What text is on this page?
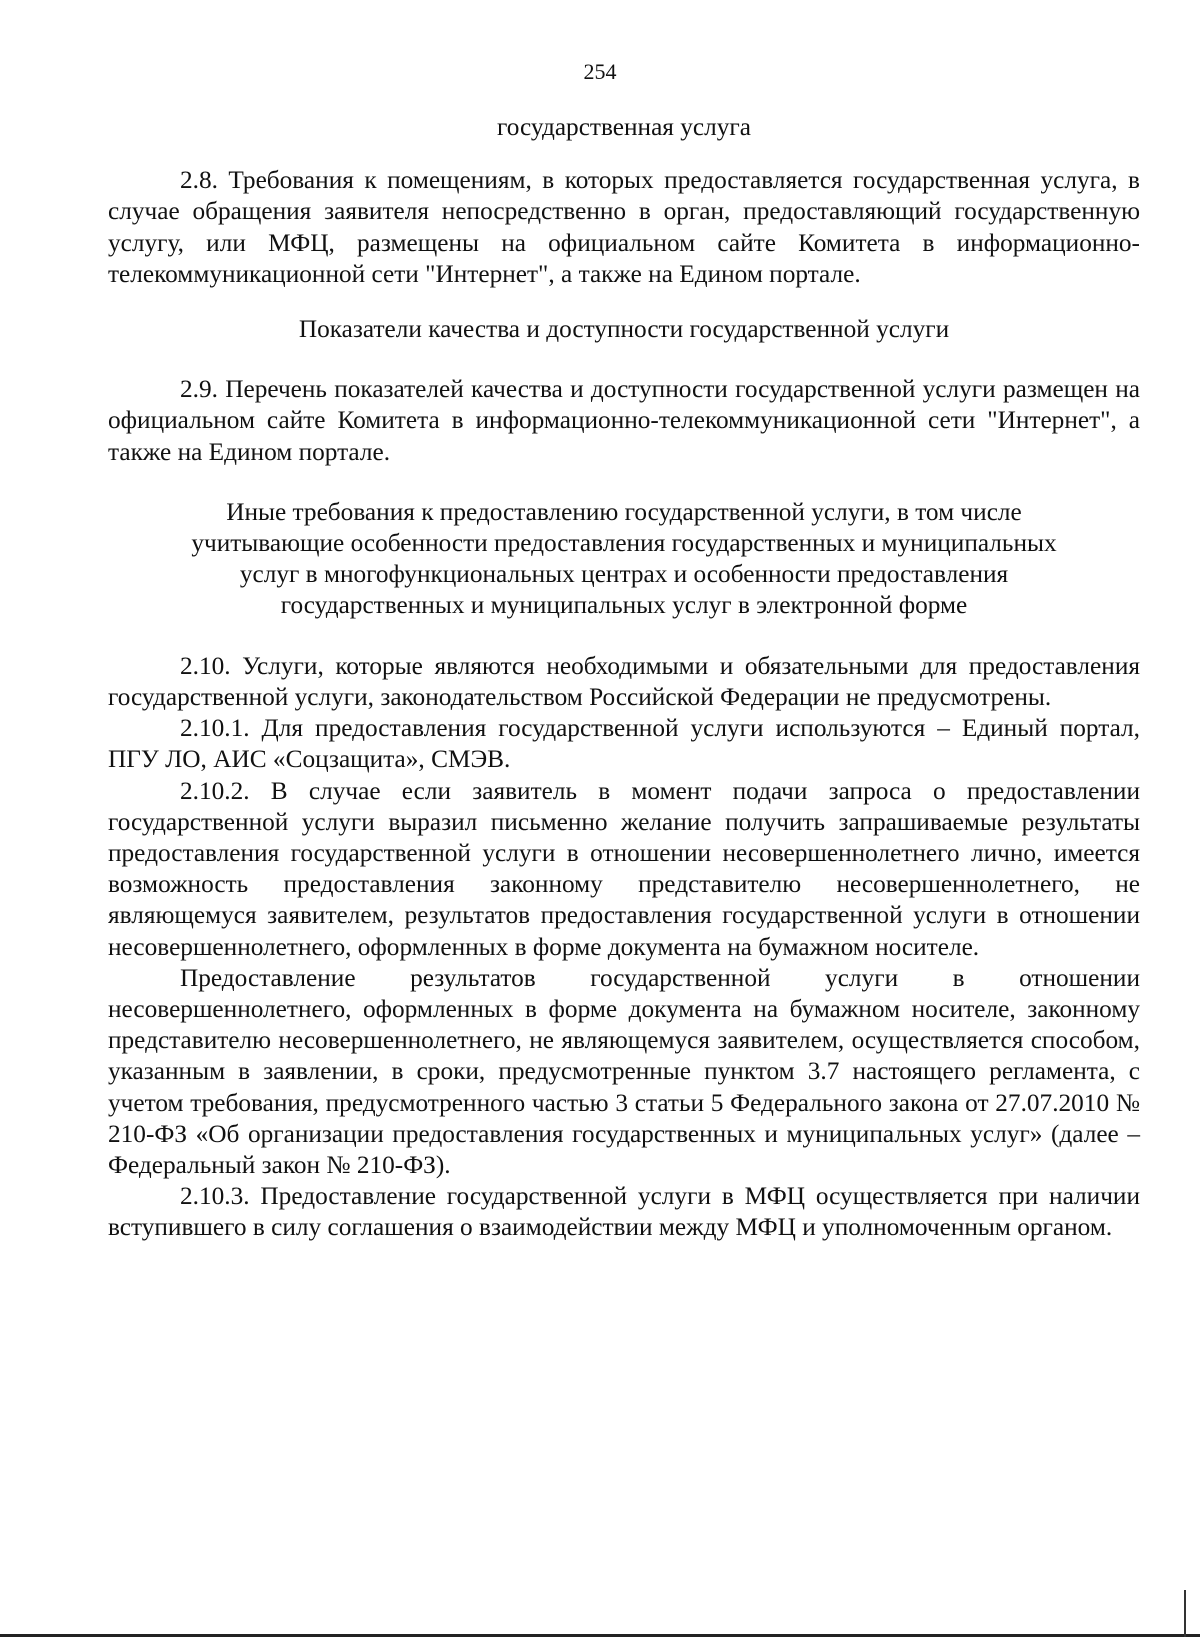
254

государственная услуга

2.8. Требования к помещениям, в которых предоставляется государственная услуга, в случае обращения заявителя непосредственно в орган, предоставляющий государственную услугу, или МФЦ, размещены на официальном сайте Комитета в информационно-телекоммуникационной сети "Интернет", а также на Едином портале.

Показатели качества и доступности государственной услуги

2.9. Перечень показателей качества и доступности государственной услуги размещен на официальном сайте Комитета в информационно-телекоммуникационной сети "Интернет", а также на Едином портале.

Иные требования к предоставлению государственной услуги, в том числе
учитывающие особенности предоставления государственных и муниципальных
услуг в многофункциональных центрах и особенности предоставления
государственных и муниципальных услуг в электронной форме

2.10. Услуги, которые являются необходимыми и обязательными для предоставления государственной услуги, законодательством Российской Федерации не предусмотрены.

2.10.1. Для предоставления государственной услуги используются – Единый портал, ПГУ ЛО, АИС «Соцзащита», СМЭВ.

2.10.2. В случае если заявитель в момент подачи запроса о предоставлении государственной услуги выразил письменно желание получить запрашиваемые результаты предоставления государственной услуги в отношении несовершеннолетнего лично, имеется возможность предоставления законному представителю несовершеннолетнего, не являющемуся заявителем, результатов предоставления государственной услуги в отношении несовершеннолетнего, оформленных в форме документа на бумажном носителе.

Предоставление результатов государственной услуги в отношении несовершеннолетнего, оформленных в форме документа на бумажном носителе, законному представителю несовершеннолетнего, не являющемуся заявителем, осуществляется способом, указанным в заявлении, в сроки, предусмотренные пунктом 3.7 настоящего регламента, с учетом требования, предусмотренного частью 3 статьи 5 Федерального закона от 27.07.2010 № 210-ФЗ «Об организации предоставления государственных и муниципальных услуг» (далее – Федеральный закон № 210-ФЗ).

2.10.3. Предоставление государственной услуги в МФЦ осуществляется при наличии вступившего в силу соглашения о взаимодействии между МФЦ и уполномоченным органом.
